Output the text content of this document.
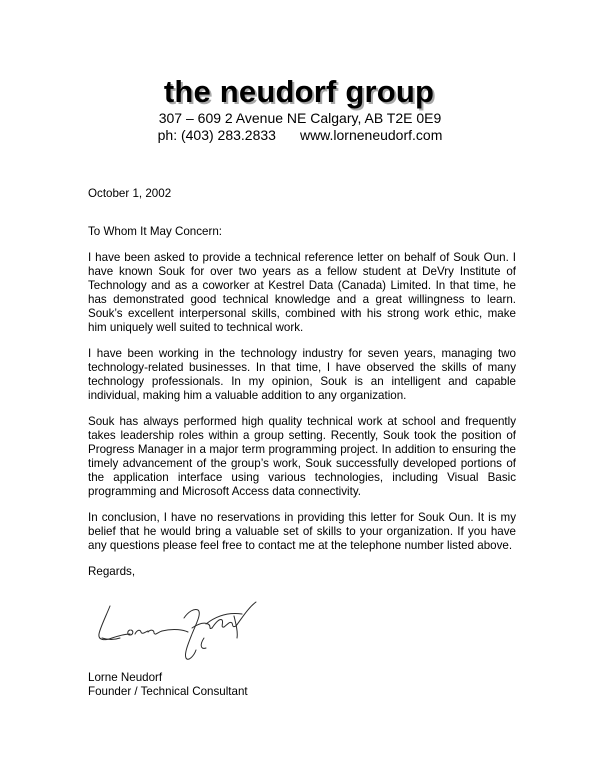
the neudorf group
307 – 609 2 Avenue NE Calgary, AB T2E 0E9
ph: (403) 283.2833 www.lorneneudorf.com
October 1, 2002
To Whom It May Concern:

I have been asked to provide a technical reference letter on behalf of Souk Oun. I have known Souk for over two years as a fellow student at DeVry Institute of Technology and as a coworker at Kestrel Data (Canada) Limited. In that time, he has demonstrated good technical knowledge and a great willingness to learn. Souk’s excellent interpersonal skills, combined with his strong work ethic, make him uniquely well suited to technical work.

I have been working in the technology industry for seven years, managing two technology-related businesses. In that time, I have observed the skills of many technology professionals. In my opinion, Souk is an intelligent and capable individual, making him a valuable addition to any organization.

Souk has always performed high quality technical work at school and frequently takes leadership roles within a group setting. Recently, Souk took the position of Progress Manager in a major term programming project. In addition to ensuring the timely advancement of the group’s work, Souk successfully developed portions of the application interface using various technologies, including Visual Basic programming and Microsoft Access data connectivity.

In conclusion, I have no reservations in providing this letter for Souk Oun. It is my belief that he would bring a valuable set of skills to your organization. If you have any questions please feel free to contact me at the telephone number listed above.

Regards,
Lorne Neudorf
Founder / Technical Consultant
